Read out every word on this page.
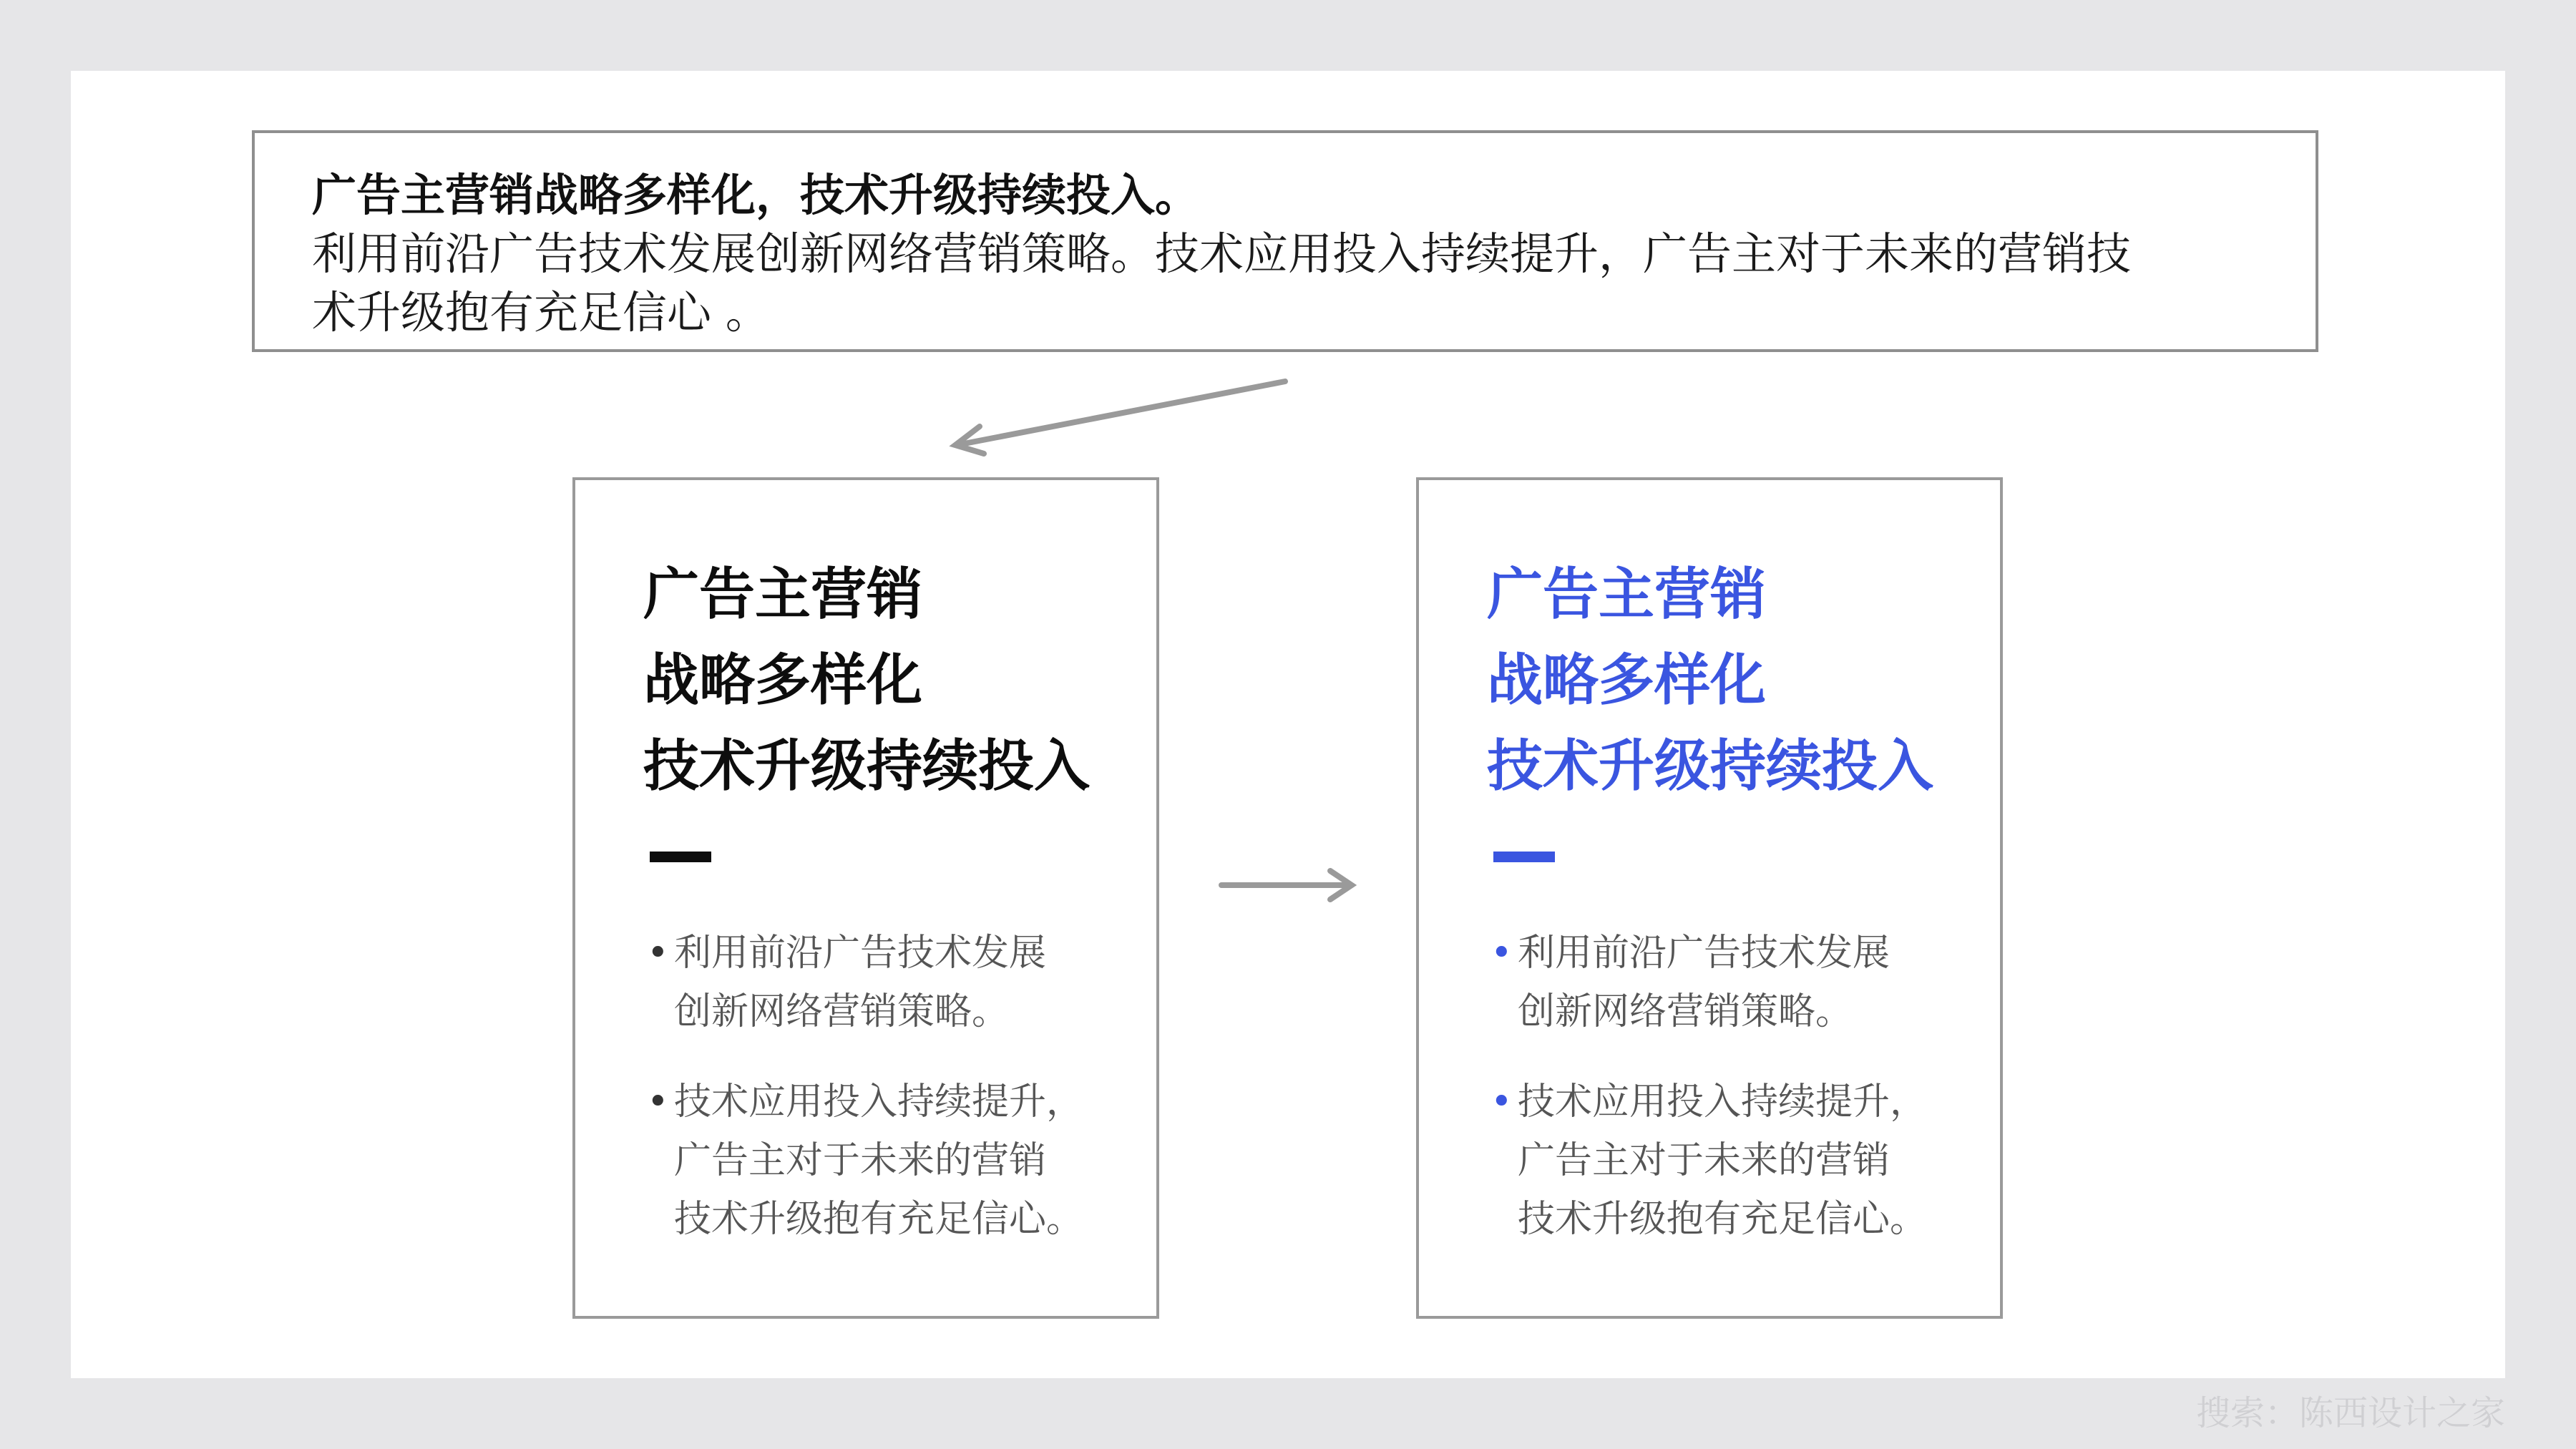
广告主营销战略多样化，技术升级持续投入。
利用前沿广告技术发展创新网络营销策略。技术应用投入持续提升，广告主对于未来的营销技
术升级抱有充足信心 。
广告主营销
战略多样化
技术升级持续投入
• 利用前沿广告技术发展
创新网络营销策略。
• 技术应用投入持续提升，
广告主对于未来的营销
技术升级抱有充足信心。
广告主营销
战略多样化
技术升级持续投入
• 利用前沿广告技术发展
创新网络营销策略。
• 技术应用投入持续提升，
广告主对于未来的营销
技术升级抱有充足信心。
搜索：陈西设计之家
